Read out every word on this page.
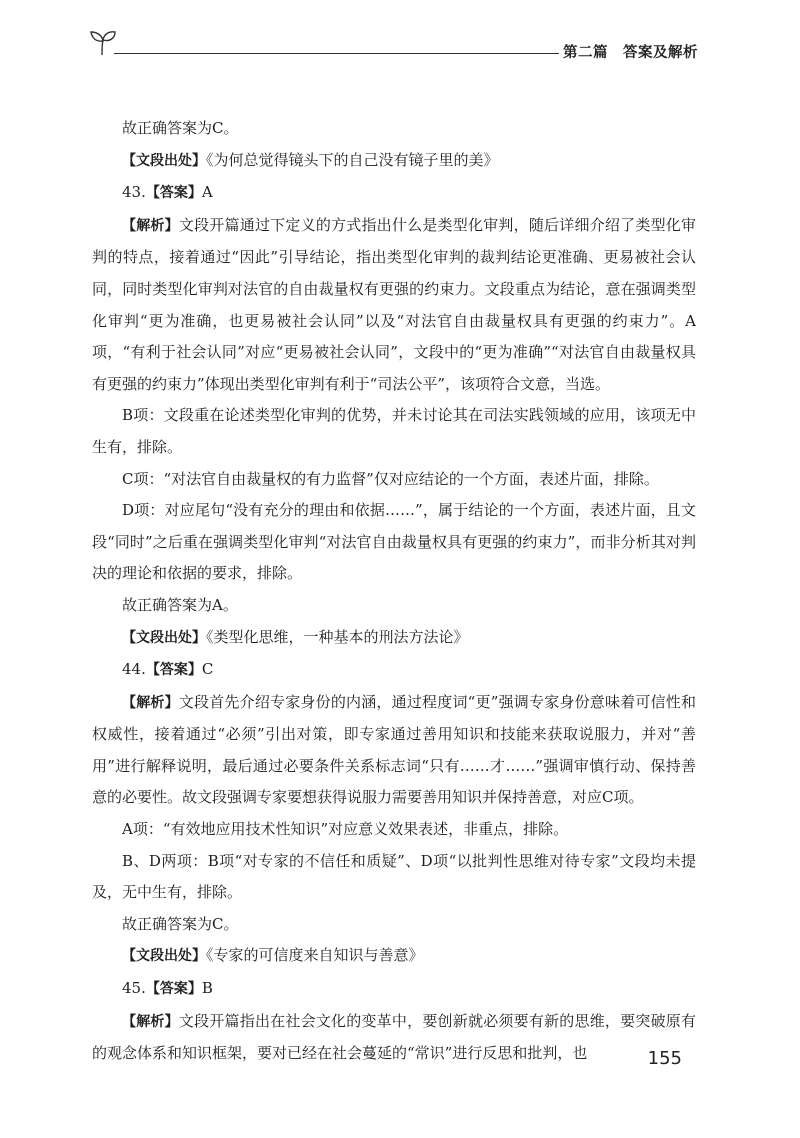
第二篇　答案及解析

故正确答案为C。

【文段出处】《为何总觉得镜头下的自己没有镜子里的美》

43.【答案】A

【解析】文段开篇通过下定义的方式指出什么是类型化审判，随后详细介绍了类型化审判的特点，接着通过“因此”引导结论，指出类型化审判的裁判结论更准确、更易被社会认同，同时类型化审判对法官的自由裁量权有更强的约束力。文段重点为结论，意在强调类型化审判“更为准确，也更易被社会认同”以及“对法官自由裁量权具有更强的约束力”。A项，“有利于社会认同”对应“更易被社会认同”，文段中的“更为准确”“对法官自由裁量权具有更强的约束力”体现出类型化审判有利于“司法公平”，该项符合文意，当选。

B项：文段重在论述类型化审判的优势，并未讨论其在司法实践领域的应用，该项无中生有，排除。

C项：“对法官自由裁量权的有力监督”仅对应结论的一个方面，表述片面，排除。

D项：对应尾句“没有充分的理由和依据……”，属于结论的一个方面，表述片面，且文段“同时”之后重在强调类型化审判“对法官自由裁量权具有更强的约束力”，而非分析其对判决的理论和依据的要求，排除。

故正确答案为A。

【文段出处】《类型化思维，一种基本的刑法方法论》

44.【答案】C

【解析】文段首先介绍专家身份的内涵，通过程度词“更”强调专家身份意味着可信性和权威性，接着通过“必须”引出对策，即专家通过善用知识和技能来获取说服力，并对“善用”进行解释说明，最后通过必要条件关系标志词“只有……才……”强调审慎行动、保持善意的必要性。故文段强调专家要想获得说服力需要善用知识并保持善意，对应C项。

A项：“有效地应用技术性知识”对应意义效果表述，非重点，排除。

B、D两项：B项“对专家的不信任和质疑”、D项“以批判性思维对待专家”文段均未提及，无中生有，排除。

故正确答案为C。

【文段出处】《专家的可信度来自知识与善意》

45.【答案】B

【解析】文段开篇指出在社会文化的变革中，要创新就必须要有新的思维，要突破原有的观念体系和知识框架，要对已经在社会蔓延的“常识”进行反思和批判，也	155
